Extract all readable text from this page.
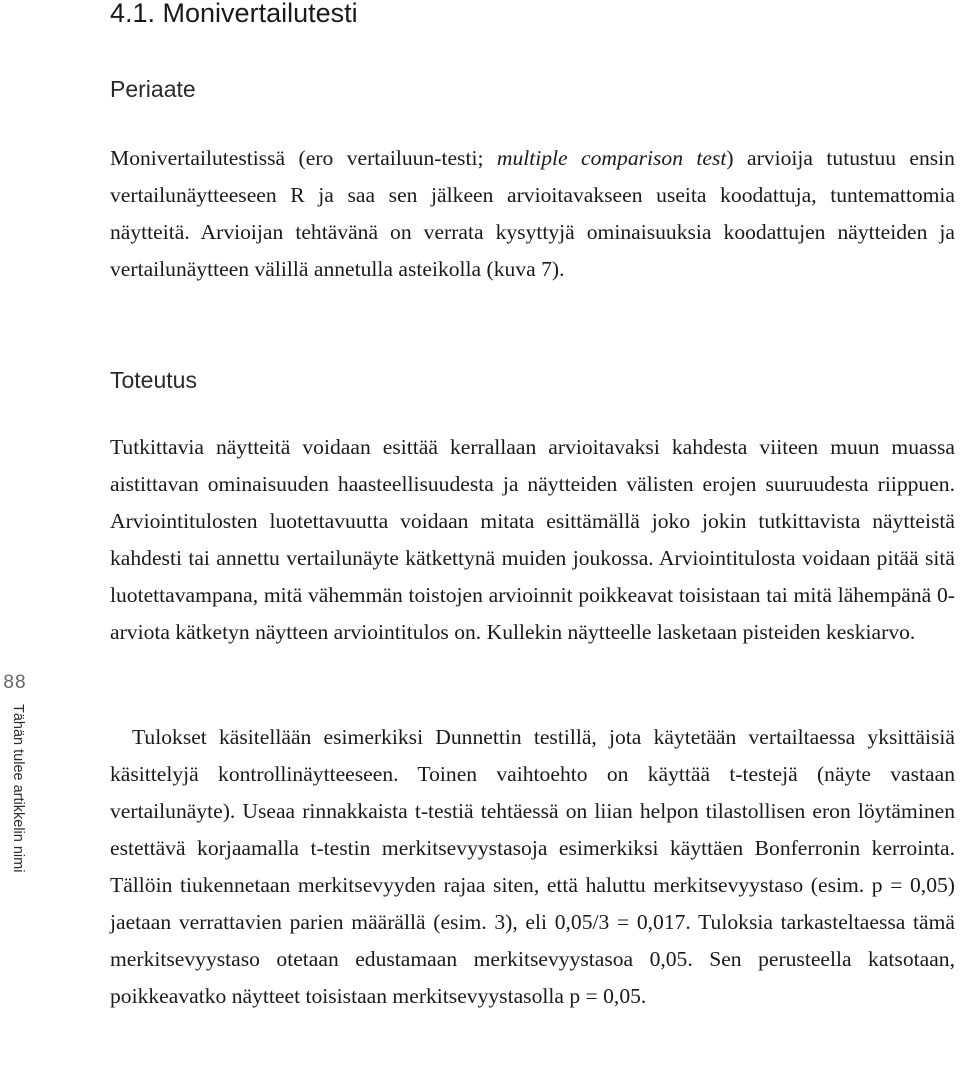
4.1. Monivertailutesti
Periaate

Monivertailutestissä (ero vertailuun-testi; multiple comparison test) arvioija tutustuu ensin vertailunäytteeseen R ja saa sen jälkeen arvioitavakseen useita koodattuja, tuntemattomia näytteitä. Arvioijan tehtävänä on verrata kysyttyjä ominaisuuksia koodattujen näytteiden ja vertailunäytteen välillä annetulla asteikolla (kuva 7).

Toteutus

Tutkittavia näytteitä voidaan esittää kerrallaan arvioitavaksi kahdesta viiteen muun muassa aistittavan ominaisuuden haasteellisuudesta ja näytteiden välisten erojen suuruudesta riippuen. Arviointitulosten luotettavuutta voidaan mitata esittämällä joko jokin tutkittavista näytteistä kahdesti tai annettu vertailunäyte kätkettynä muiden joukossa. Arviointitulosta voidaan pitää sitä luotettavampana, mitä vähemmän toistojen arvioinnit poikkeavat toisistaan tai mitä lähempänä 0-arviota kätketyn näytteen arviointitulos on. Kullekin näytteelle lasketaan pisteiden keskiarvo.

Tulokset käsitellään esimerkiksi Dunnettin testillä, jota käytetään vertailtaessa yksittäisiä käsittelyjä kontrollinäytteeseen. Toinen vaihtoehto on käyttää t-testejä (näyte vastaan vertailunäyte). Useaa rinnakkaista t-testiä tehtäessä on liian helpon tilastollisen eron löytäminen estettävä korjaamalla t-testin merkitsevyystasoja esimerkiksi käyttäen Bonferronin kerrointa. Tällöin tiukennetaan merkitsevyyden rajaa siten, että haluttu merkitsevyystaso (esim. p = 0,05) jaetaan verrattavien parien määrällä (esim. 3), eli 0,05/3 = 0,017. Tuloksia tarkasteltaessa tämä merkitsevyystaso otetaan edustamaan merkitsevyystasoa 0,05. Sen perusteella katsotaan, poikkeavatko näytteet toisistaan merkitsevyystasolla p = 0,05.

88
Tähän tulee artikkelin nimi
